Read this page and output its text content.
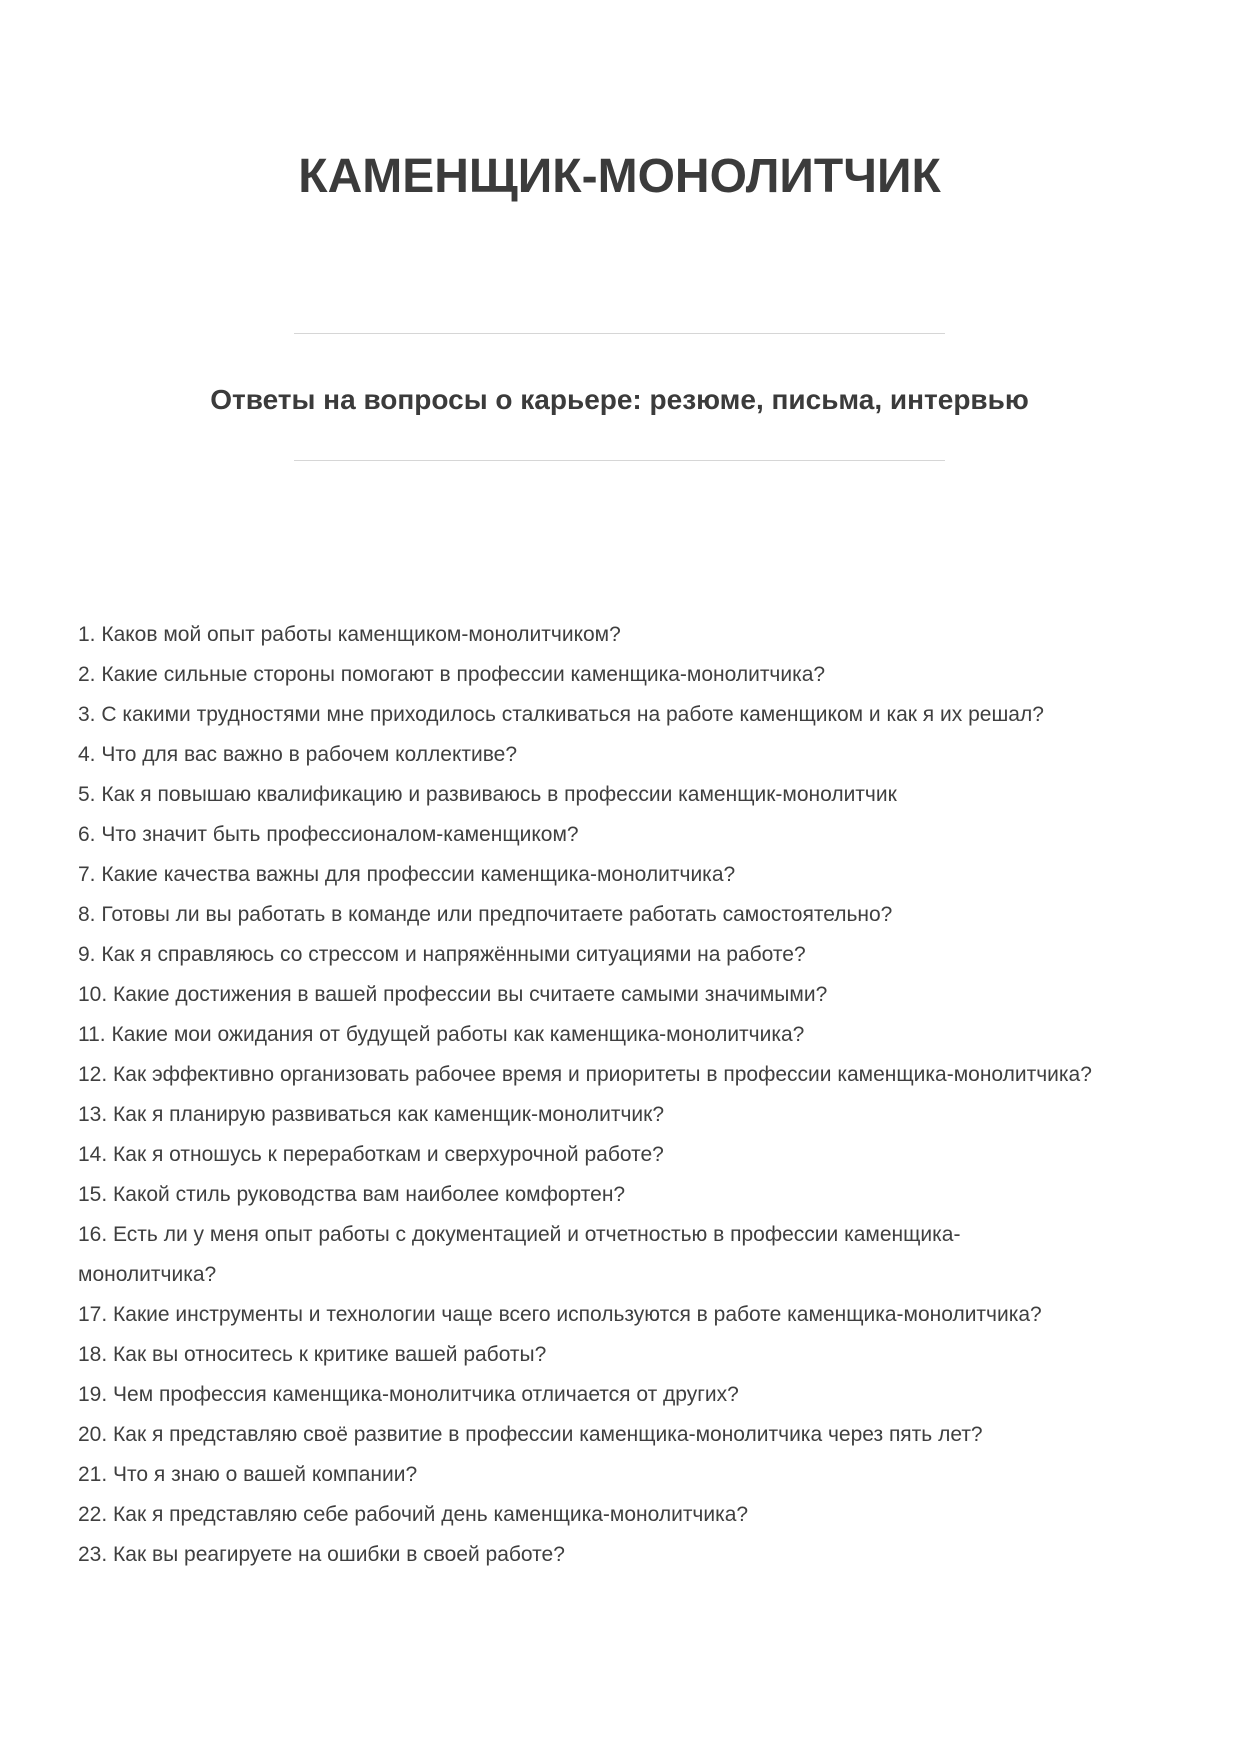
КАМЕНЩИК-МОНОЛИТЧИК
Ответы на вопросы о карьере: резюме, письма, интервью
1. Каков мой опыт работы каменщиком-монолитчиком?
2. Какие сильные стороны помогают в профессии каменщика-монолитчика?
3. С какими трудностями мне приходилось сталкиваться на работе каменщиком и как я их решал?
4. Что для вас важно в рабочем коллективе?
5. Как я повышаю квалификацию и развиваюсь в профессии каменщик-монолитчик
6. Что значит быть профессионалом-каменщиком?
7. Какие качества важны для профессии каменщика-монолитчика?
8. Готовы ли вы работать в команде или предпочитаете работать самостоятельно?
9. Как я справляюсь со стрессом и напряжёнными ситуациями на работе?
10. Какие достижения в вашей профессии вы считаете самыми значимыми?
11. Какие мои ожидания от будущей работы как каменщика-монолитчика?
12. Как эффективно организовать рабочее время и приоритеты в профессии каменщика-монолитчика?
13. Как я планирую развиваться как каменщик-монолитчик?
14. Как я отношусь к переработкам и сверхурочной работе?
15. Какой стиль руководства вам наиболее комфортен?
16. Есть ли у меня опыт работы с документацией и отчетностью в профессии каменщика-монолитчика?
17. Какие инструменты и технологии чаще всего используются в работе каменщика-монолитчика?
18. Как вы относитесь к критике вашей работы?
19. Чем профессия каменщика-монолитчика отличается от других?
20. Как я представляю своё развитие в профессии каменщика-монолитчика через пять лет?
21. Что я знаю о вашей компании?
22. Как я представляю себе рабочий день каменщика-монолитчика?
23. Как вы реагируете на ошибки в своей работе?
